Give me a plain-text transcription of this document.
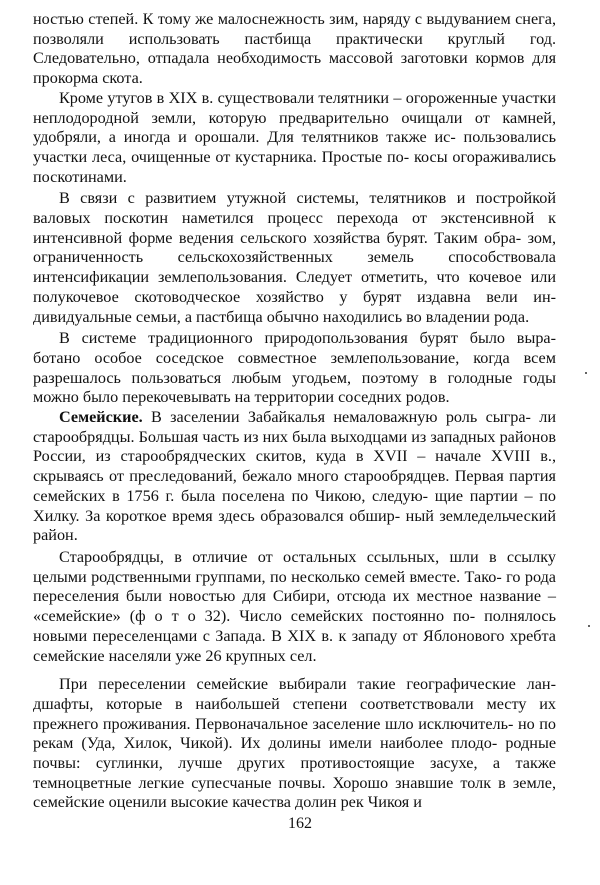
ностью степей. К тому же малоснежность зим, наряду с выдуванием снега, позволяли использовать пастбища практически круглый год. Следовательно, отпадала необходимость массовой заготовки кормов для прокорма скота.

Кроме утугов в XIX в. существовали телятники – огороженные участки неплодородной земли, которую предварительно очищали от камней, удобряли, а иногда и орошали. Для телятников также ис- пользовались участки леса, очищенные от кустарника. Простые по- косы огораживались поскотинами.

В связи с развитием утужной системы, телятников и постройкой валовых поскотин наметился процесс перехода от экстенсивной к интенсивной форме ведения сельского хозяйства бурят. Таким обра- зом, ограниченность сельскохозяйственных земель способствовала интенсификации землепользования. Следует отметить, что кочевое или полукочевое скотоводческое хозяйство у бурят издавна вели ин- дивидуальные семьи, а пастбища обычно находились во владении рода.

В системе традиционного природопользования бурят было выра- ботано особое соседское совместное землепользование, когда всем разрешалось пользоваться любым угодьем, поэтому в голодные годы можно было перекочевывать на территории соседних родов.

Семейские. В заселении Забайкалья немаловажную роль сыгра- ли старообрядцы. Большая часть из них была выходцами из западных районов России, из старообрядческих скитов, куда в XVII – начале XVIII в., скрываясь от преследований, бежало много старообрядцев. Первая партия семейских в 1756 г. была поселена по Чикою, следую- щие партии – по Хилку. За короткое время здесь образовался обшир- ный земледельческий район.

Старообрядцы, в отличие от остальных ссыльных, шли в ссылку целыми родственными группами, по несколько семей вместе. Тако- го рода переселения были новостью для Сибири, отсюда их местное название – «семейские» (ф о т о 32). Число семейских постоянно по- полнялось новыми переселенцами с Запада. В XIX в. к западу от Яблонового хребта семейские населяли уже 26 крупных сел.

При переселении семейские выбирали такие географические лан- дшафты, которые в наибольшей степени соответствовали месту их прежнего проживания. Первоначальное заселение шло исключитель- но по рекам (Уда, Хилок, Чикой). Их долины имели наиболее плодо- родные почвы: суглинки, лучше других противостоящие засухе, а также темноцветные легкие супесчаные почвы. Хорошо знавшие толк в земле, семейские оценили высокие качества долин рек Чикоя и

162
